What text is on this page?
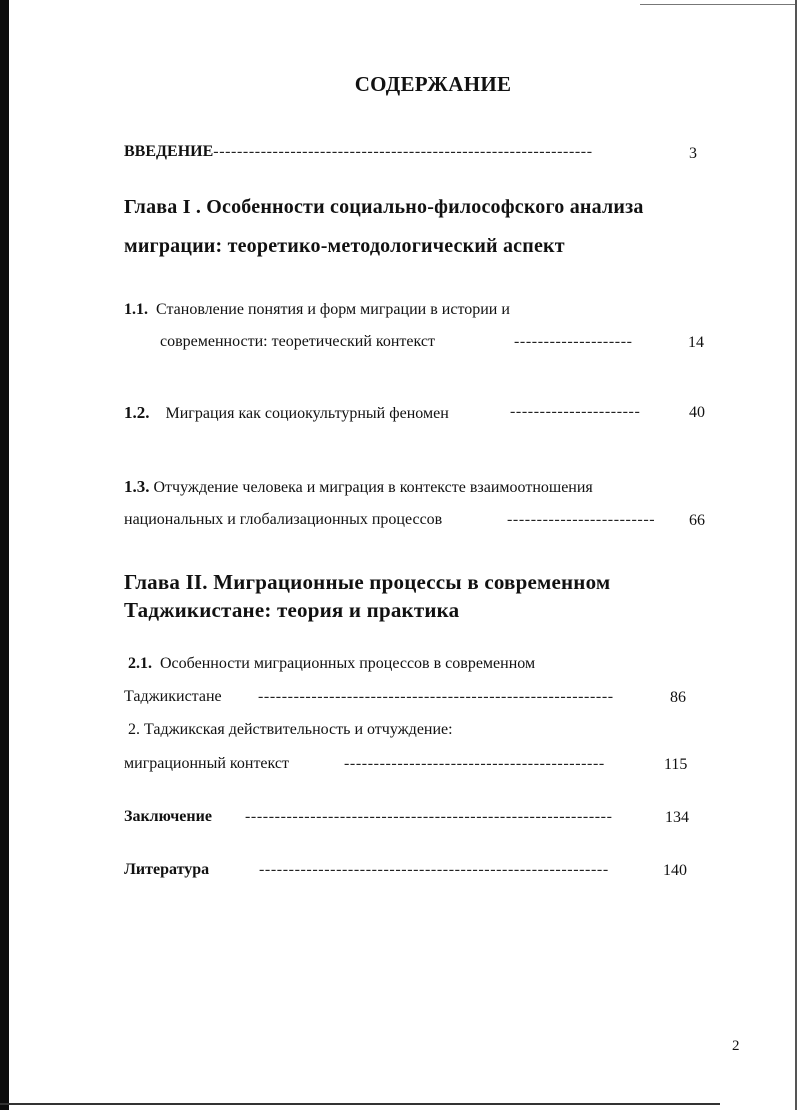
СОДЕРЖАНИЕ
ВВЕДЕНИЕ----------------------------------------------------------------	3
Глава I . Особенности социально-философского анализа
миграции: теоретико-методологический аспект
1.1. Становление понятия и форм миграции в истории и
современности: теоретический контекст	--------------------	14
1.2. Миграция как социокультурный феномен	----------------------	40
1.3. Отчуждение человека и миграция в контексте взаимоотношения
национальных и глобализационных процессов	------------------------- 66
Глава II. Миграционные процессы в современном
Таджикистане: теория и практика
2.1. Особенности миграционных процессов в современном
Таджикистане ------------------------------------------------------------	86
2. Таджикская действительность и отчуждение:
миграционный контекст	--------------------------------------------	115
Заключение --------------------------------------------------------------	134
Литература	-----------------------------------------------------------	140
2
